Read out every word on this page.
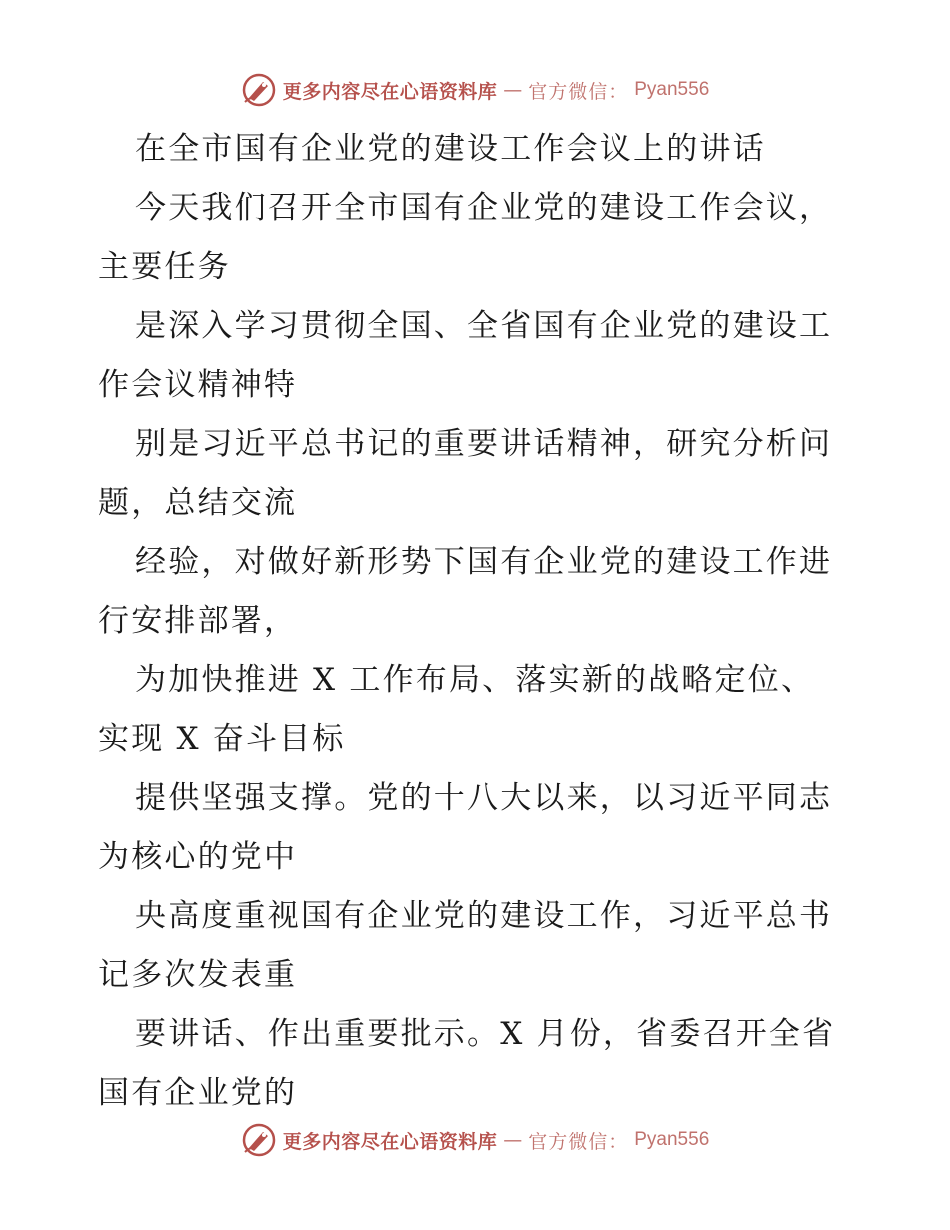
更多内容尽在心语资料库 — 官方微信： Pyan556
在全市国有企业党的建设工作会议上的讲话
今天我们召开全市国有企业党的建设工作会议，
主要任务
是深入学习贯彻全国、全省国有企业党的建设工
作会议精神特
别是习近平总书记的重要讲话精神，研究分析问
题，总结交流
经验，对做好新形势下国有企业党的建设工作进
行安排部署，
为加快推进 X 工作布局、落实新的战略定位、
实现 X 奋斗目标
提供坚强支撑。党的十八大以来，以习近平同志
为核心的党中
央高度重视国有企业党的建设工作，习近平总书
记多次发表重
要讲话、作出重要批示。X 月份，省委召开全省
国有企业党的
更多内容尽在心语资料库 — 官方微信： Pyan556
